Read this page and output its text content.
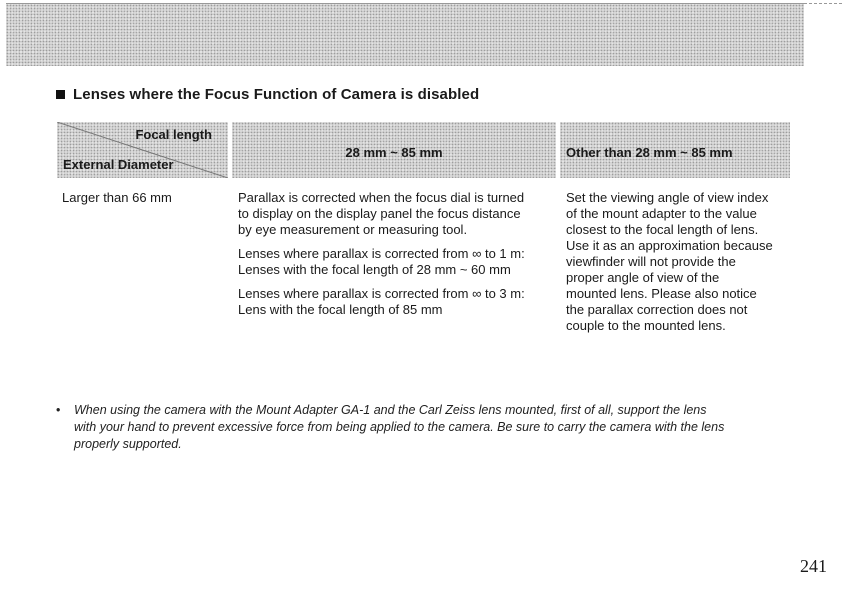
Lenses where the Focus Function of Camera is disabled
Focal length
External Diameter
28 mm ~ 85 mm	Other than 28 mm ~ 85 mm
Larger than 66 mm	Parallax is corrected when the focus dial is turned
to display on the display panel the focus distance
by eye measurement or measuring tool.
Lenses where parallax is corrected from ∞ to 1 m:
Lenses with the focal length of 28 mm ~ 60 mm
Lenses where parallax is corrected from ∞ to 3 m:
Lens with the focal length of 85 mm
Set the viewing angle of view index
of the mount adapter to the value
closest to the focal length of lens.
Use it as an approximation because
viewfinder will not provide the
proper angle of view of the
mounted lens. Please also notice
the parallax correction does not
couple to the mounted lens.
• When using the camera with the Mount Adapter GA-1 and the Carl Zeiss lens mounted, first of all, support the lens
with your hand to prevent excessive force from being applied to the camera. Be sure to carry the camera with the lens
properly supported.
241
